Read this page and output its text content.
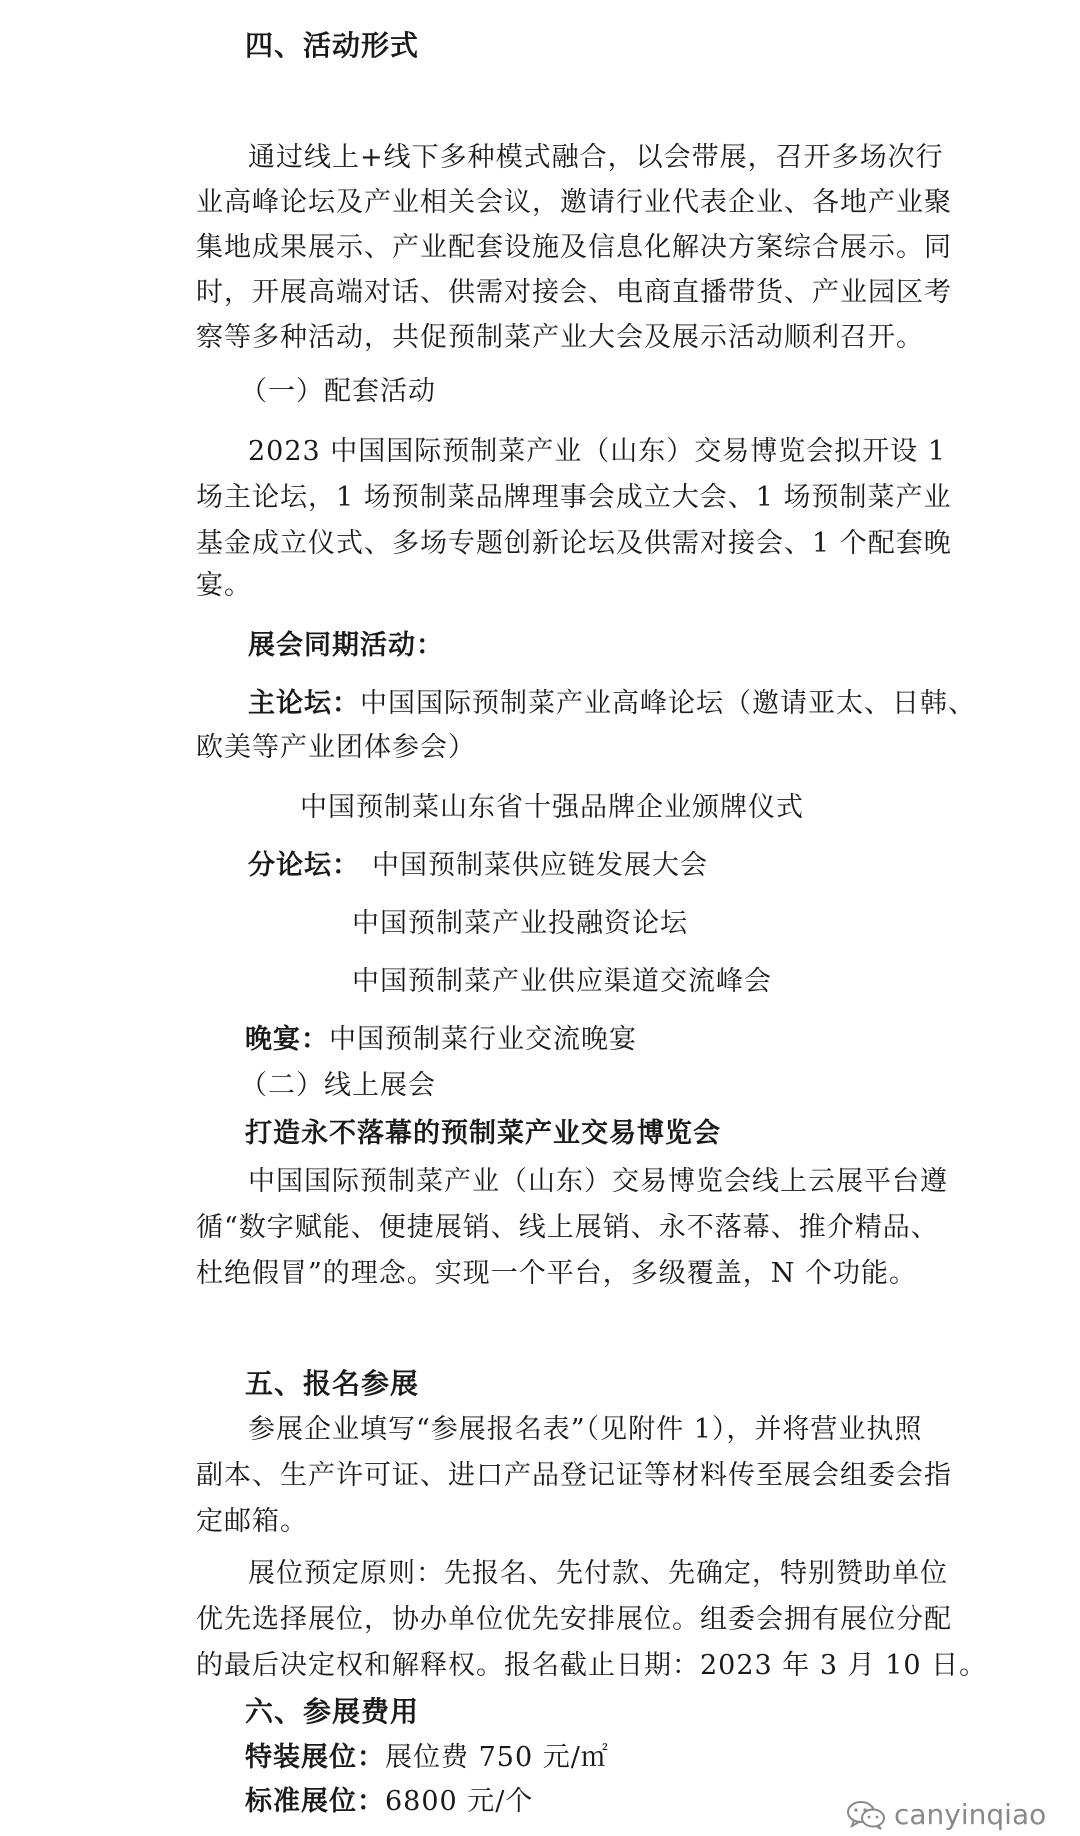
四、活动形式
通过线上+线下多种模式融合，以会带展，召开多场次行
业高峰论坛及产业相关会议，邀请行业代表企业、各地产业聚
集地成果展示、产业配套设施及信息化解决方案综合展示。同
时，开展高端对话、供需对接会、电商直播带货、产业园区考
察等多种活动，共促预制菜产业大会及展示活动顺利召开。
（一）配套活动
2023 中国国际预制菜产业（山东）交易博览会拟开设 1
场主论坛，1 场预制菜品牌理事会成立大会、1 场预制菜产业
基金成立仪式、多场专题创新论坛及供需对接会、1 个配套晚
宴。
展会同期活动：
主论坛：中国国际预制菜产业高峰论坛（邀请亚太、日韩、
欧美等产业团体参会）
中国预制菜山东省十强品牌企业颁牌仪式
分论坛： 中国预制菜供应链发展大会
中国预制菜产业投融资论坛
中国预制菜产业供应渠道交流峰会
晚宴：中国预制菜行业交流晚宴
（二）线上展会
打造永不落幕的预制菜产业交易博览会
中国国际预制菜产业（山东）交易博览会线上云展平台遵
循“数字赋能、便捷展销、线上展销、永不落幕、推介精品、
杜绝假冒”的理念。实现一个平台，多级覆盖，N 个功能。
五、报名参展
参展企业填写“参展报名表”（见附件 1），并将营业执照
副本、生产许可证、进口产品登记证等材料传至展会组委会指
定邮箱。
展位预定原则：先报名、先付款、先确定，特别赞助单位
优先选择展位，协办单位优先安排展位。组委会拥有展位分配
的最后决定权和解释权。报名截止日期：2023 年 3 月 10 日。
六、参展费用
特装展位：展位费 750 元/㎡
标准展位：6800 元/个	canyinqiao
